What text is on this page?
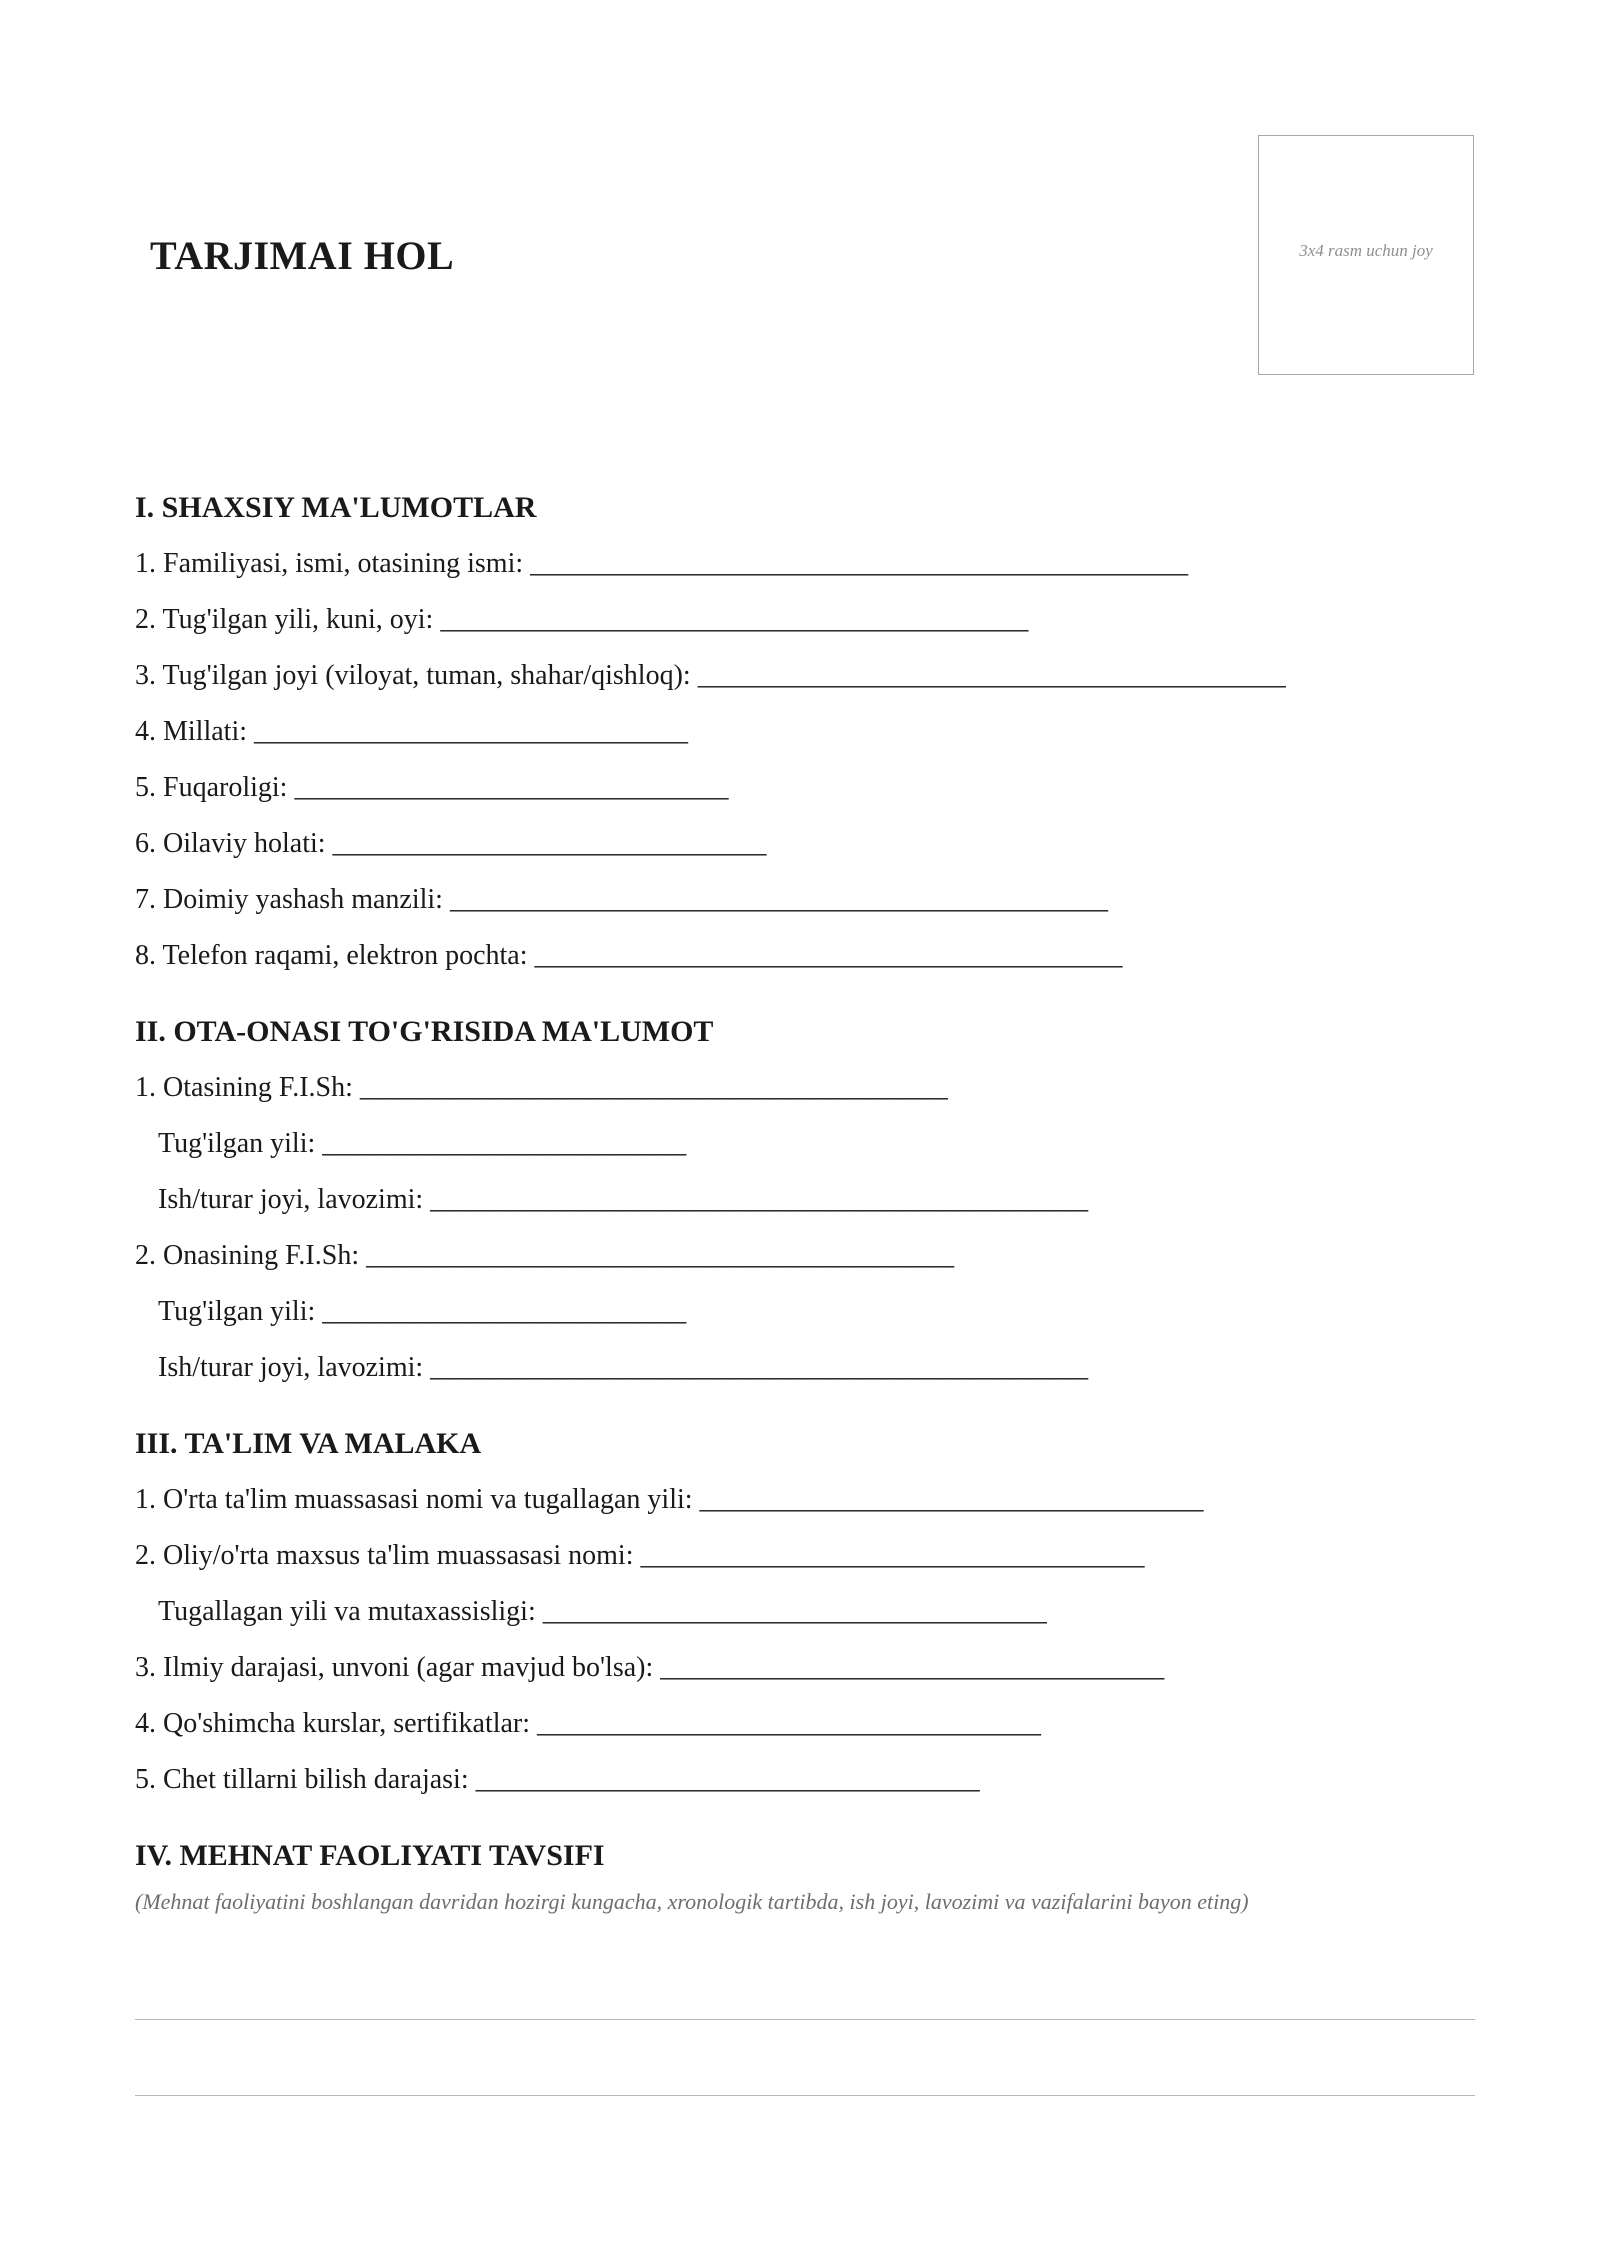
TARJIMAI HOL	3x4 rasm uchun joy
I. SHAXSIY MA'LUMOTLAR
1. Familiyasi, ismi, otasining ismi: _______________________________________________
2. Tug'ilgan yili, kuni, oyi: __________________________________________
3. Tug'ilgan joyi (viloyat, tuman, shahar/qishloq): __________________________________________
4. Millati: _______________________________
5. Fuqaroligi: _______________________________
6. Oilaviy holati: _______________________________
7. Doimiy yashash manzili: _______________________________________________
8. Telefon raqami, elektron pochta: __________________________________________
II. OTA-ONASI TO'G'RISIDA MA'LUMOT
1. Otasining F.I.Sh: __________________________________________
Tug'ilgan yili: __________________________
Ish/turar joyi, lavozimi: _______________________________________________
2. Onasining F.I.Sh: __________________________________________
Tug'ilgan yili: __________________________
Ish/turar joyi, lavozimi: _______________________________________________
III. TA'LIM VA MALAKA
1. O'rta ta'lim muassasasi nomi va tugallagan yili: ____________________________________
2. Oliy/o'rta maxsus ta'lim muassasasi nomi: ____________________________________
Tugallagan yili va mutaxassisligi: ____________________________________
3. Ilmiy darajasi, unvoni (agar mavjud bo'lsa): ____________________________________
4. Qo'shimcha kurslar, sertifikatlar: ____________________________________
5. Chet tillarni bilish darajasi: ____________________________________
IV. MEHNAT FAOLIYATI TAVSIFI
(Mehnat faoliyatini boshlangan davridan hozirgi kungacha, xronologik tartibda, ish joyi, lavozimi va vazifalarini bayon eting)
